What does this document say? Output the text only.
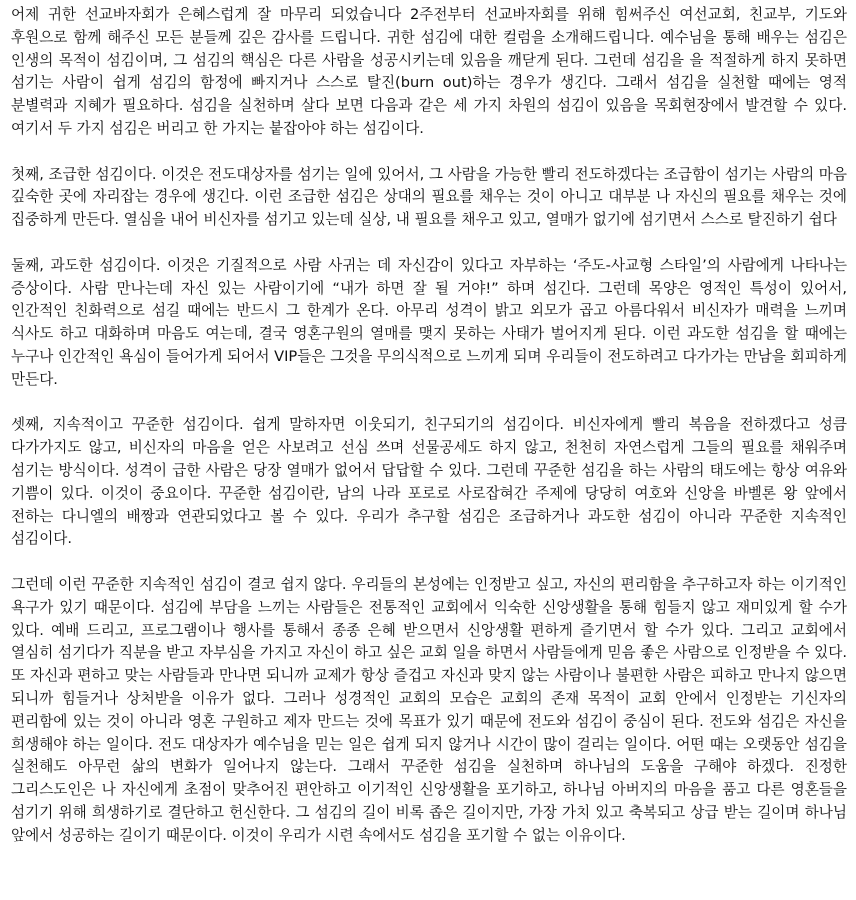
어제 귀한 선교바자회가 은혜스럽게 잘 마무리 되었습니다 2주전부터 선교바자회를 위해 힘써주신 여선교회, 친교부, 기도와 후원으로 함께 해주신 모든 분들께 깊은 감사를 드립니다. 귀한 섬김에 대한 컬럼을 소개해드립니다. 예수님을 통해 배우는 섬김은 인생의 목적이 섬김이며, 그 섬김의 핵심은 다른 사람을 성공시키는데 있음을 깨닫게 된다. 그런데 섬김을 을 적절하게 하지 못하면 섬기는 사람이 쉽게 섬김의 함정에 빠지거나 스스로 탈진(burn out)하는 경우가 생긴다. 그래서 섬김을 실천할 때에는 영적 분별력과 지혜가 필요하다. 섬김을 실천하며 살다 보면 다음과 같은 세 가지 차원의 섬김이 있음을 목회현장에서 발견할 수 있다. 여기서 두 가지 섬김은 버리고 한 가지는 붙잡아야 하는 섬김이다.

첫째, 조급한 섬김이다. 이것은 전도대상자를 섬기는 일에 있어서, 그 사람을 가능한 빨리 전도하겠다는 조급함이 섬기는 사람의 마음 깊숙한 곳에 자리잡는 경우에 생긴다. 이런 조급한 섬김은 상대의 필요를 채우는 것이 아니고 대부분 나 자신의 필요를 채우는 것에 집중하게 만든다. 열심을 내어 비신자를 섬기고 있는데 실상, 내 필요를 채우고 있고, 열매가 없기에 섬기면서 스스로 탈진하기 쉽다

둘째, 과도한 섬김이다. 이것은 기질적으로 사람 사귀는 데 자신감이 있다고 자부하는 ‘주도-사교형 스타일’의 사람에게 나타나는 증상이다. 사람 만나는데 자신 있는 사람이기에 “내가 하면 잘 될 거야!” 하며 섬긴다. 그런데 목양은 영적인 특성이 있어서, 인간적인 친화력으로 섬길 때에는 반드시 그 한계가 온다. 아무리 성격이 밝고 외모가 곱고 아름다워서 비신자가 매력을 느끼며 식사도 하고 대화하며 마음도 여는데, 결국 영혼구원의 열매를 맺지 못하는 사태가 벌어지게 된다. 이런 과도한 섬김을 할 때에는 누구나 인간적인 욕심이 들어가게 되어서 VIP들은 그것을 무의식적으로 느끼게 되며 우리들이 전도하려고 다가가는 만남을 회피하게 만든다.

셋째, 지속적이고 꾸준한 섬김이다. 쉽게 말하자면 이웃되기, 친구되기의 섬김이다. 비신자에게 빨리 복음을 전하겠다고 성큼 다가가지도 않고, 비신자의 마음을 얻은 사보려고 선심 쓰며 선물공세도 하지 않고, 천천히 자연스럽게 그들의 필요를 채워주며 섬기는 방식이다. 성격이 급한 사람은 당장 열매가 없어서 답답할 수 있다. 그런데 꾸준한 섬김을 하는 사람의 태도에는 항상 여유와 기쁨이 있다. 이것이 중요이다. 꾸준한 섬김이란, 남의 나라 포로로 사로잡혀간 주제에 당당히 여호와 신앙을 바벨론 왕 앞에서 전하는 다니엘의 배짱과 연관되었다고 볼 수 있다. 우리가 추구할 섬김은 조급하거나 과도한 섬김이 아니라 꾸준한 지속적인 섬김이다.

그런데 이런 꾸준한 지속적인 섬김이 결코 쉽지 않다. 우리들의 본성에는 인정받고 싶고, 자신의 편리함을 추구하고자 하는 이기적인 욕구가 있기 때문이다. 섬김에 부담을 느끼는 사람들은 전통적인 교회에서 익숙한 신앙생활을 통해 힘들지 않고 재미있게 할 수가 있다. 예배 드리고, 프로그램이나 행사를 통해서 종종 은혜 받으면서 신앙생활 편하게 즐기면서 할 수가 있다. 그리고 교회에서 열심히 섬기다가 직분을 받고 자부심을 가지고 자신이 하고 싶은 교회 일을 하면서 사람들에게 믿음 좋은 사람으로 인정받을 수 있다. 또 자신과 편하고 맞는 사람들과 만나면 되니까 교제가 항상 즐겁고 자신과 맞지 않는 사람이나 불편한 사람은 피하고 만나지 않으면 되니까 힘들거나 상처받을 이유가 없다. 그러나 성경적인 교회의 모습은 교회의 존재 목적이 교회 안에서 인정받는 기신자의 편리함에 있는 것이 아니라 영혼 구원하고 제자 만드는 것에 목표가 있기 때문에 전도와 섬김이 중심이 된다. 전도와 섬김은 자신을 희생해야 하는 일이다. 전도 대상자가 예수님을 믿는 일은 쉽게 되지 않거나 시간이 많이 걸리는 일이다. 어떤 때는 오랫동안 섬김을 실천해도 아무런 삶의 변화가 일어나지 않는다. 그래서 꾸준한 섬김을 실천하며 하나님의 도움을 구해야 하겠다. 진정한 그리스도인은 나 자신에게 초점이 맞추어진 편안하고 이기적인 신앙생활을 포기하고, 하나님 아버지의 마음을 품고 다른 영혼들을 섬기기 위해 희생하기로 결단하고 헌신한다. 그 섬김의 길이 비록 좁은 길이지만, 가장 가치 있고 축복되고 상급 받는 길이며 하나님 앞에서 성공하는 길이기 때문이다. 이것이 우리가 시련 속에서도 섬김을 포기할 수 없는 이유이다.
